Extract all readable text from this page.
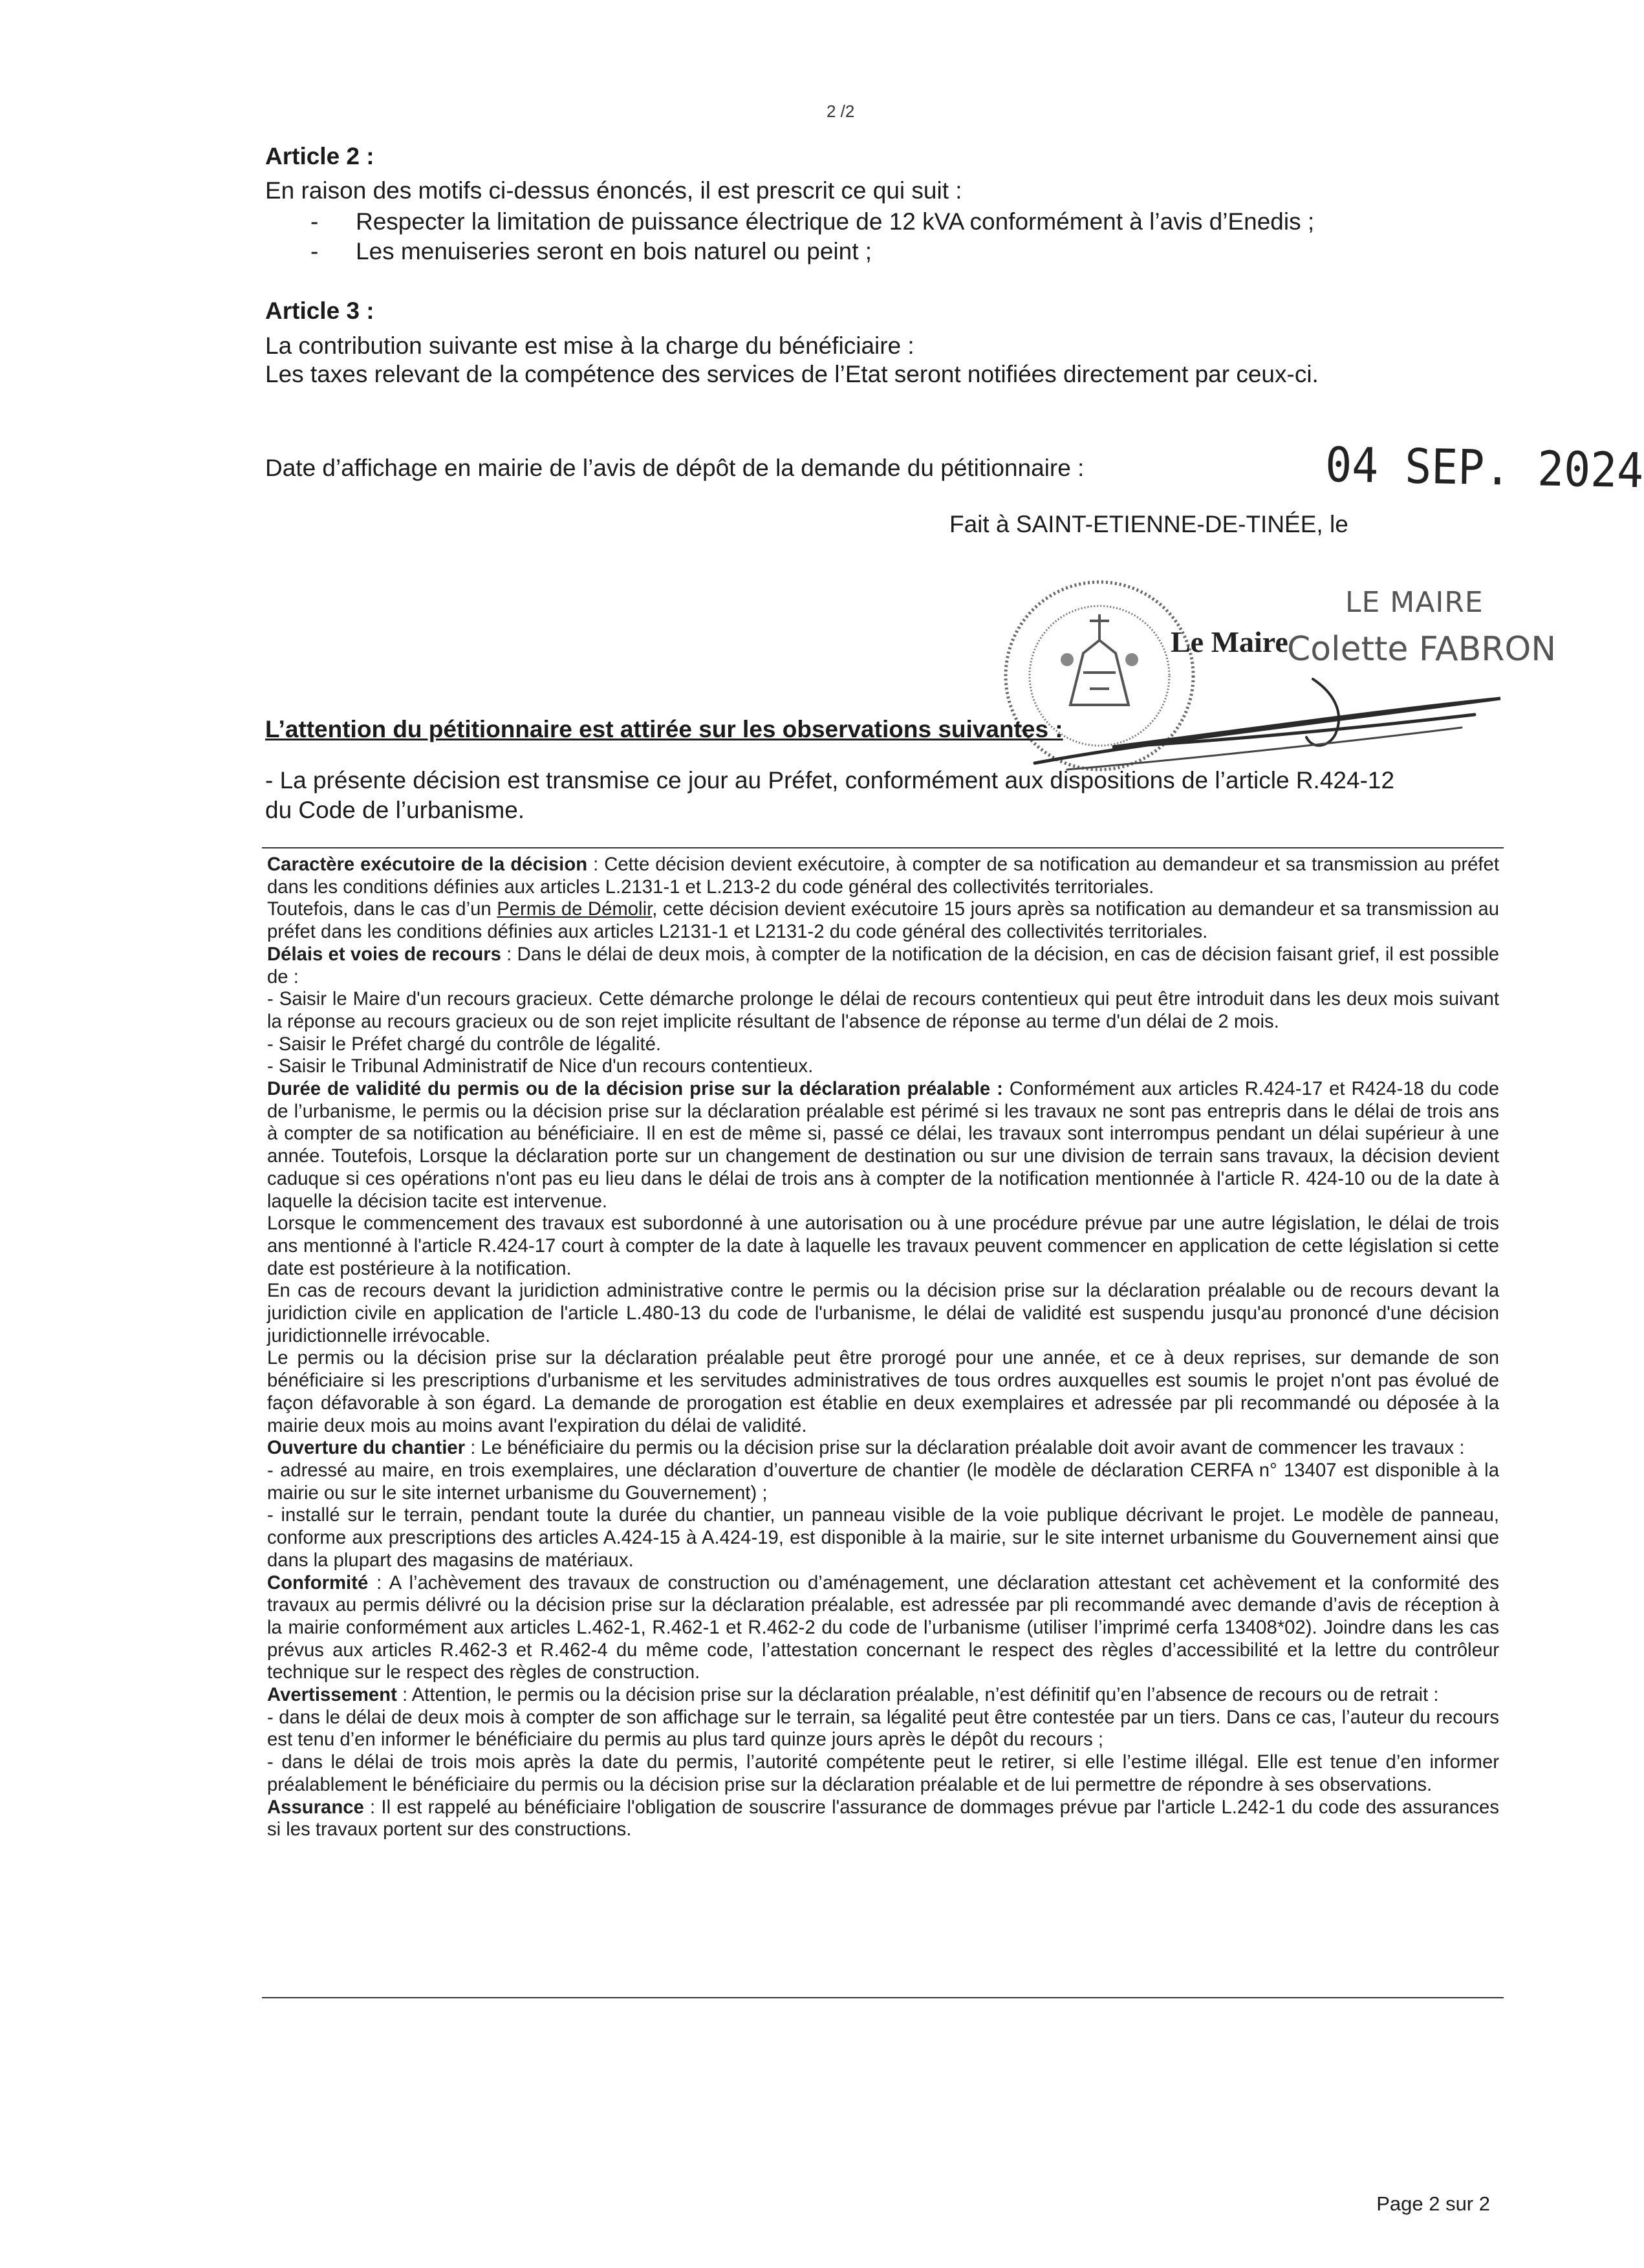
2 /2
Article 2 :
En raison des motifs ci-dessus énoncés, il est prescrit ce qui suit :
- Respecter la limitation de puissance électrique de 12 kVA conformément à l’avis d’Enedis ;
- Les menuiseries seront en bois naturel ou peint ;
Article 3 :
La contribution suivante est mise à la charge du bénéficiaire :
Les taxes relevant de la compétence des services de l’Etat seront notifiées directement par ceux-ci.
Date d’affichage en mairie de l’avis de dépôt de la demande du pétitionnaire :	04 SEP. 2024
Fait à SAINT-ETIENNE-DE-TINÉE, le
LE MAIRE
Le Maire
Colette FABRON
L’attention du pétitionnaire est attirée sur les observations suivantes :
- La présente décision est transmise ce jour au Préfet, conformément aux dispositions de l’article R.424-12
du Code de l’urbanisme.

Caractère exécutoire de la décision : Cette décision devient exécutoire, à compter de sa notification au demandeur et sa transmission au préfet dans les conditions définies aux articles L.2131-1 et L.213-2 du code général des collectivités territoriales.

Toutefois, dans le cas d’un Permis de Démolir, cette décision devient exécutoire 15 jours après sa notification au demandeur et sa transmission au préfet dans les conditions définies aux articles L2131-1 et L2131-2 du code général des collectivités territoriales.

Délais et voies de recours : Dans le délai de deux mois, à compter de la notification de la décision, en cas de décision faisant grief, il est possible de :

- Saisir le Maire d'un recours gracieux. Cette démarche prolonge le délai de recours contentieux qui peut être introduit dans les deux mois suivant la réponse au recours gracieux ou de son rejet implicite résultant de l'absence de réponse au terme d'un délai de 2 mois.

- Saisir le Préfet chargé du contrôle de légalité.

- Saisir le Tribunal Administratif de Nice d'un recours contentieux.

Durée de validité du permis ou de la décision prise sur la déclaration préalable : Conformément aux articles R.424-17 et R424-18 du code de l’urbanisme, le permis ou la décision prise sur la déclaration préalable est périmé si les travaux ne sont pas entrepris dans le délai de trois ans à compter de sa notification au bénéficiaire. Il en est de même si, passé ce délai, les travaux sont interrompus pendant un délai supérieur à une année. Toutefois, Lorsque la déclaration porte sur un changement de destination ou sur une division de terrain sans travaux, la décision devient caduque si ces opérations n'ont pas eu lieu dans le délai de trois ans à compter de la notification mentionnée à l'article R. 424-10 ou de la date à laquelle la décision tacite est intervenue.

Lorsque le commencement des travaux est subordonné à une autorisation ou à une procédure prévue par une autre législation, le délai de trois ans mentionné à l'article R.424-17 court à compter de la date à laquelle les travaux peuvent commencer en application de cette législation si cette date est postérieure à la notification.

En cas de recours devant la juridiction administrative contre le permis ou la décision prise sur la déclaration préalable ou de recours devant la juridiction civile en application de l'article L.480-13 du code de l'urbanisme, le délai de validité est suspendu jusqu'au prononcé d'une décision juridictionnelle irrévocable.

Le permis ou la décision prise sur la déclaration préalable peut être prorogé pour une année, et ce à deux reprises, sur demande de son bénéficiaire si les prescriptions d'urbanisme et les servitudes administratives de tous ordres auxquelles est soumis le projet n'ont pas évolué de façon défavorable à son égard. La demande de prorogation est établie en deux exemplaires et adressée par pli recommandé ou déposée à la mairie deux mois au moins avant l'expiration du délai de validité.

Ouverture du chantier : Le bénéficiaire du permis ou la décision prise sur la déclaration préalable doit avoir avant de commencer les travaux :

- adressé au maire, en trois exemplaires, une déclaration d’ouverture de chantier (le modèle de déclaration CERFA n° 13407 est disponible à la mairie ou sur le site internet urbanisme du Gouvernement) ;

- installé sur le terrain, pendant toute la durée du chantier, un panneau visible de la voie publique décrivant le projet. Le modèle de panneau, conforme aux prescriptions des articles A.424-15 à A.424-19, est disponible à la mairie, sur le site internet urbanisme du Gouvernement ainsi que dans la plupart des magasins de matériaux.

Conformité : A l’achèvement des travaux de construction ou d’aménagement, une déclaration attestant cet achèvement et la conformité des travaux au permis délivré ou la décision prise sur la déclaration préalable, est adressée par pli recommandé avec demande d’avis de réception à la mairie conformément aux articles L.462-1, R.462-1 et R.462-2 du code de l’urbanisme (utiliser l’imprimé cerfa 13408*02). Joindre dans les cas prévus aux articles R.462-3 et R.462-4 du même code, l’attestation concernant le respect des règles d’accessibilité et la lettre du contrôleur technique sur le respect des règles de construction.

Avertissement : Attention, le permis ou la décision prise sur la déclaration préalable, n’est définitif qu’en l’absence de recours ou de retrait :

- dans le délai de deux mois à compter de son affichage sur le terrain, sa légalité peut être contestée par un tiers. Dans ce cas, l’auteur du recours est tenu d’en informer le bénéficiaire du permis au plus tard quinze jours après le dépôt du recours ;

- dans le délai de trois mois après la date du permis, l’autorité compétente peut le retirer, si elle l’estime illégal. Elle est tenue d’en informer préalablement le bénéficiaire du permis ou la décision prise sur la déclaration préalable et de lui permettre de répondre à ses observations.

Assurance : Il est rappelé au bénéficiaire l'obligation de souscrire l'assurance de dommages prévue par l'article L.242-1 du code des assurances si les travaux portent sur des constructions.

Page 2 sur 2
